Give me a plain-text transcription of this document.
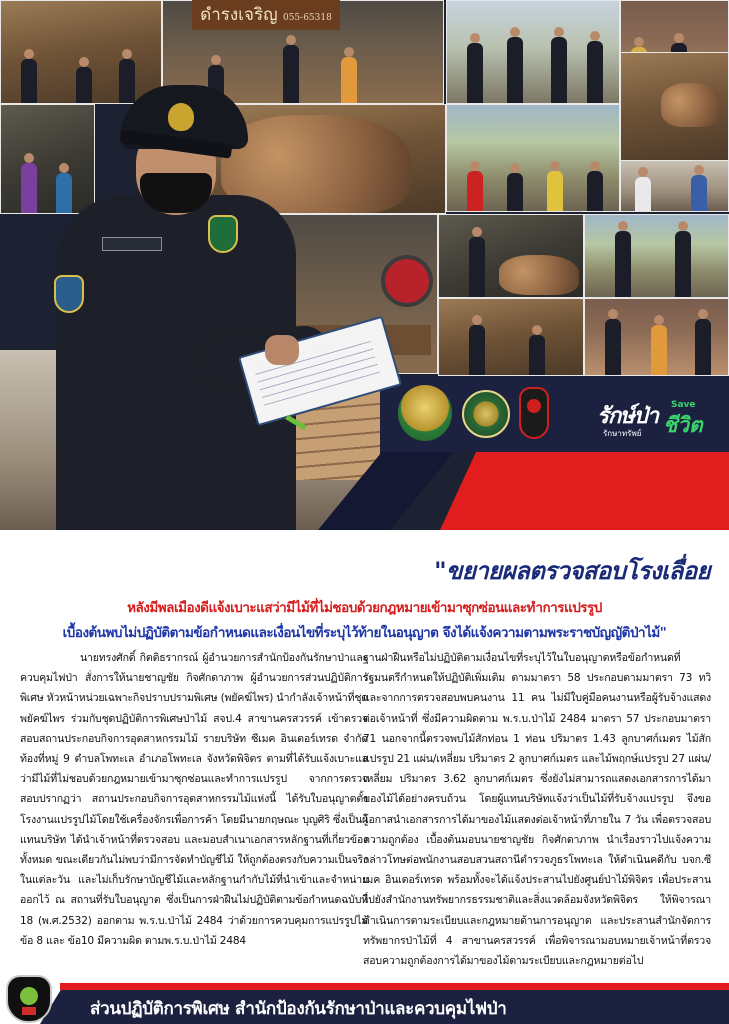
ดำรงเจริญ 055-65318
รักษ์ป่า Save
ชีวิต
รักษาทรัพย์
"ขยายผลตรวจสอบโรงเลื่อย
หลังมีพลเมืองดีแจ้งเบาะแสว่ามีไม้ที่ไม่ชอบด้วยกฎหมายเข้ามาซุกซ่อนและทำการแปรรูป
เบื้องต้นพบไม่ปฏิบัติตามข้อกำหนดและเงื่อนไขที่ระบุไว้ท้ายในอนุญาต จึงได้แจ้งความตามพระราชบัญญัติป่าไม้"

นายทรงศักดิ์ กิตติธรากรณ์ ผู้อำนวยการสำนักป้องกันรักษาป่าและควบคุมไฟป่า สั่งการให้นายชาญชัย กิจศักดาภาพ ผู้อำนวยการส่วนปฏิบัติการพิเศษ หัวหน้าหน่วยเฉพาะกิจปราบปรามพิเศษ (พยัคฆ์ไพร) นำกำลังเจ้าหน้าที่ชุดพยัคฆ์ไพร ร่วมกับชุดปฏิบัติการพิเศษป่าไม้ สจป.4 สาขานครสวรรค์ เข้าตรวจสอบสถานประกอบกิจการอุตสาหกรรมไม้ รายบริษัท ซีเมค อินเตอร์เทรด จำกัด ท้องที่หมู่ 9 ตำบลโพทะเล อำเภอโพทะเล จังหวัดพิจิตร ตามที่ได้รับแจ้งเบาะแสว่ามีไม้ที่ไม่ชอบด้วยกฎหมายเข้ามาซุกซ่อนและทำการแปรรูป จากการตรวจสอบปรากฏว่า สถานประกอบกิจการอุตสาหกรรมไม้แห่งนี้ ได้รับใบอนุญาตตั้งโรงงานแปรรูปไม้โดยใช้เครื่องจักรเพื่อการค้า โดยมีนายกฤษณะ บุญศิริ ซึ่งเป็นผู้แทนบริษัท ได้นำเจ้าหน้าที่ตรวจสอบ และมอบสำเนาเอกสารหลักฐานที่เกี่ยวข้องทั้งหมด ขณะเดียวกันไม่พบว่ามีการจัดทำบัญชีไม้ ให้ถูกต้องตรงกับความเป็นจริงในแต่ละวัน และไม่เก็บรักษาบัญชีไม้และหลักฐานกำกับไม้ที่นำเข้าและจำหน่ายออกไว้ ณ สถานที่รับใบอนุญาต ซึ่งเป็นการฝ่าฝืนไม่ปฏิบัติตามข้อกำหนดฉบับที่ 18 (พ.ศ.2532) ออกตาม พ.ร.บ.ป่าไม้ 2484 ว่าด้วยการควบคุมการแปรรูปไม้ ข้อ 8 และ ข้อ10 มีความผิด ตามพ.ร.บ.ป่าไม้ 2484

ฐานฝ่าฝืนหรือไม่ปฏิบัติตามเงื่อนไขที่ระบุไว้ในใบอนุญาตหรือข้อกำหนดที่รัฐมนตรีกำหนดให้ปฏิบัติเพิ่มเติม ตามมาตรา 58 ประกอบตามมาตรา 73 ทวิ และจากการตรวจสอบพบคนงาน 11 คน ไม่มีใบคู่มือคนงานหรือผู้รับจ้างแสดงต่อเจ้าหน้าที่ ซึ่งมีความผิดตาม พ.ร.บ.ป่าไม้ 2484 มาตรา 57 ประกอบมาตรา 71 นอกจากนี้ตรวจพบไม้สักท่อน 1 ท่อน ปริมาตร 1.43 ลูกบาศก์เมตร ไม้สักแปรรูป 21 แผ่น/เหลี่ยม ปริมาตร 2 ลูกบาศก์เมตร และไม้พฤกษ์แปรรูป 27 แผ่น/เหลี่ยม ปริมาตร 3.62 ลูกบาศก์เมตร ซึ่งยังไม่สามารถแสดงเอกสารการได้มาของไม้ได้อย่างครบถ้วน โดยผู้แทนบริษัทแจ้งว่าเป็นไม้ที่รับจ้างแปรรูป จึงขอโอกาสนำเอกสารการได้มาของไม้แสดงต่อเจ้าหน้าที่ภายใน 7 วัน เพื่อตรวจสอบความถูกต้อง เบื้องต้นมอบนายชาญชัย กิจศักดาภาพ นำเรื่องราวไปแจ้งความกล่าวโทษต่อพนักงานสอบสวนสถานีตำรวจภูธรโพทะเล ให้ดำเนินคดีกับ บจก.ซีเมค อินเตอร์เทรด พร้อมทั้งจะได้แจ้งประสานไปยังศูนย์ป่าไม้พิจิตร เพื่อประสานไปยังสำนักงานทรัพยากรธรรมชาติและสิ่งแวดล้อมจังหวัดพิจิตร ให้พิจารณาดำเนินการตามระเบียบและกฎหมายด้านการอนุญาต และประสานสำนักจัดการทรัพยากรป่าไม้ที่ 4 สาขานครสวรรค์ เพื่อพิจารณามอบหมายเจ้าหน้าที่ตรวจสอบความถูกต้องการได้มาของไม้ตามระเบียบและกฎหมายต่อไป

ส่วนปฏิบัติการพิเศษ สำนักป้องกันรักษาป่าและควบคุมไฟป่า
